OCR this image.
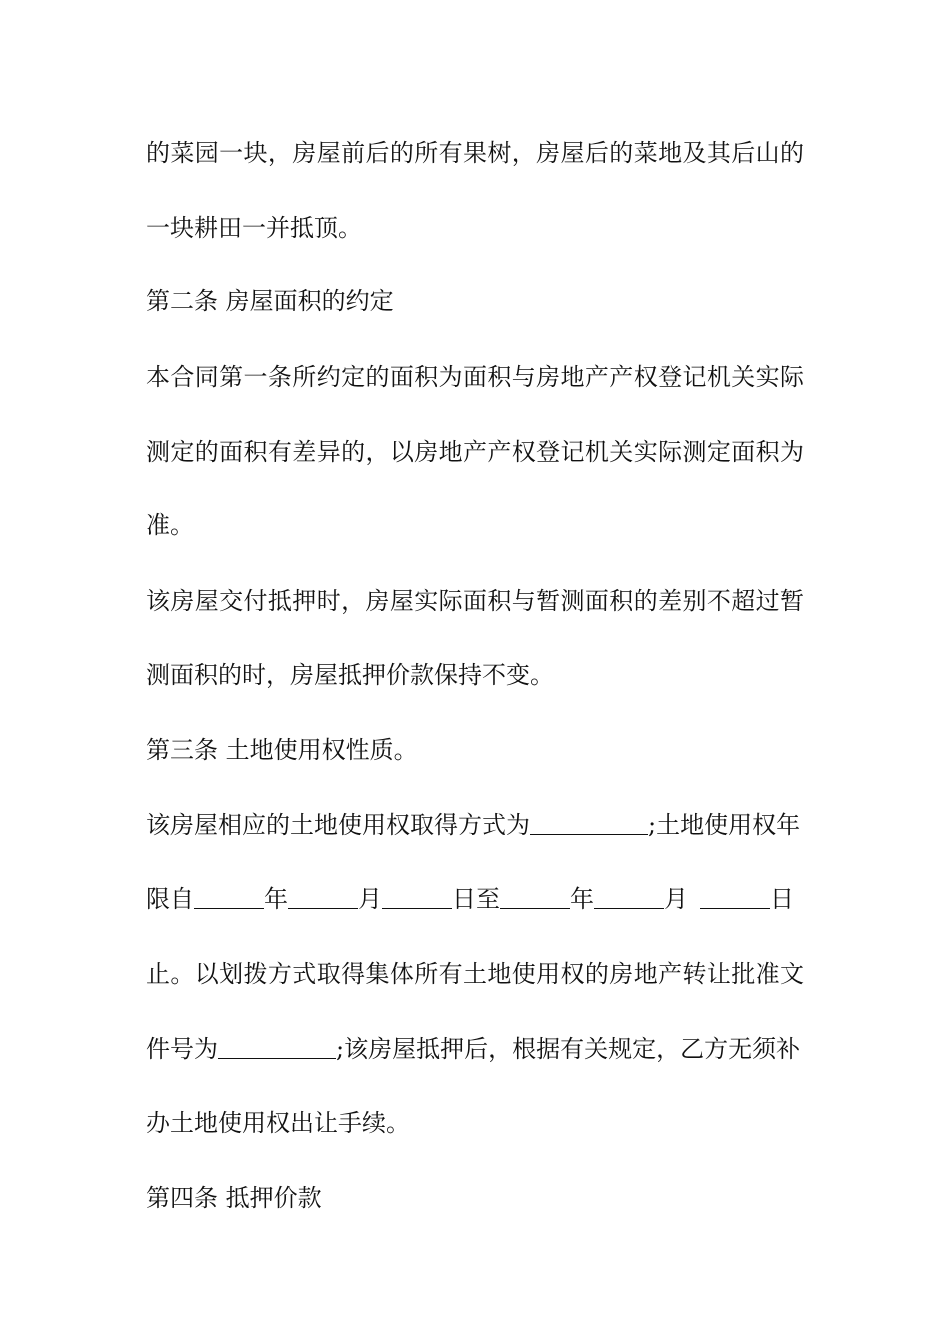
的菜园一块，房屋前后的所有果树，房屋后的菜地及其后山的
一块耕田一并抵顶。
第二条 房屋面积的约定
本合同第一条所约定的面积为面积与房地产产权登记机关实际
测定的面积有差异的，以房地产产权登记机关实际测定面积为
准。
该房屋交付抵押时，房屋实际面积与暂测面积的差别不超过暂
测面积的时，房屋抵押价款保持不变。
第三条 土地使用权性质。
该房屋相应的土地使用权取得方式为	;土地使用权年
限自	年	月	日至	年	月	日
止。以划拨方式取得集体所有土地使用权的房地产转让批准文
件号为	;该房屋抵押后，根据有关规定，乙方无须补
办土地使用权出让手续。
第四条 抵押价款
